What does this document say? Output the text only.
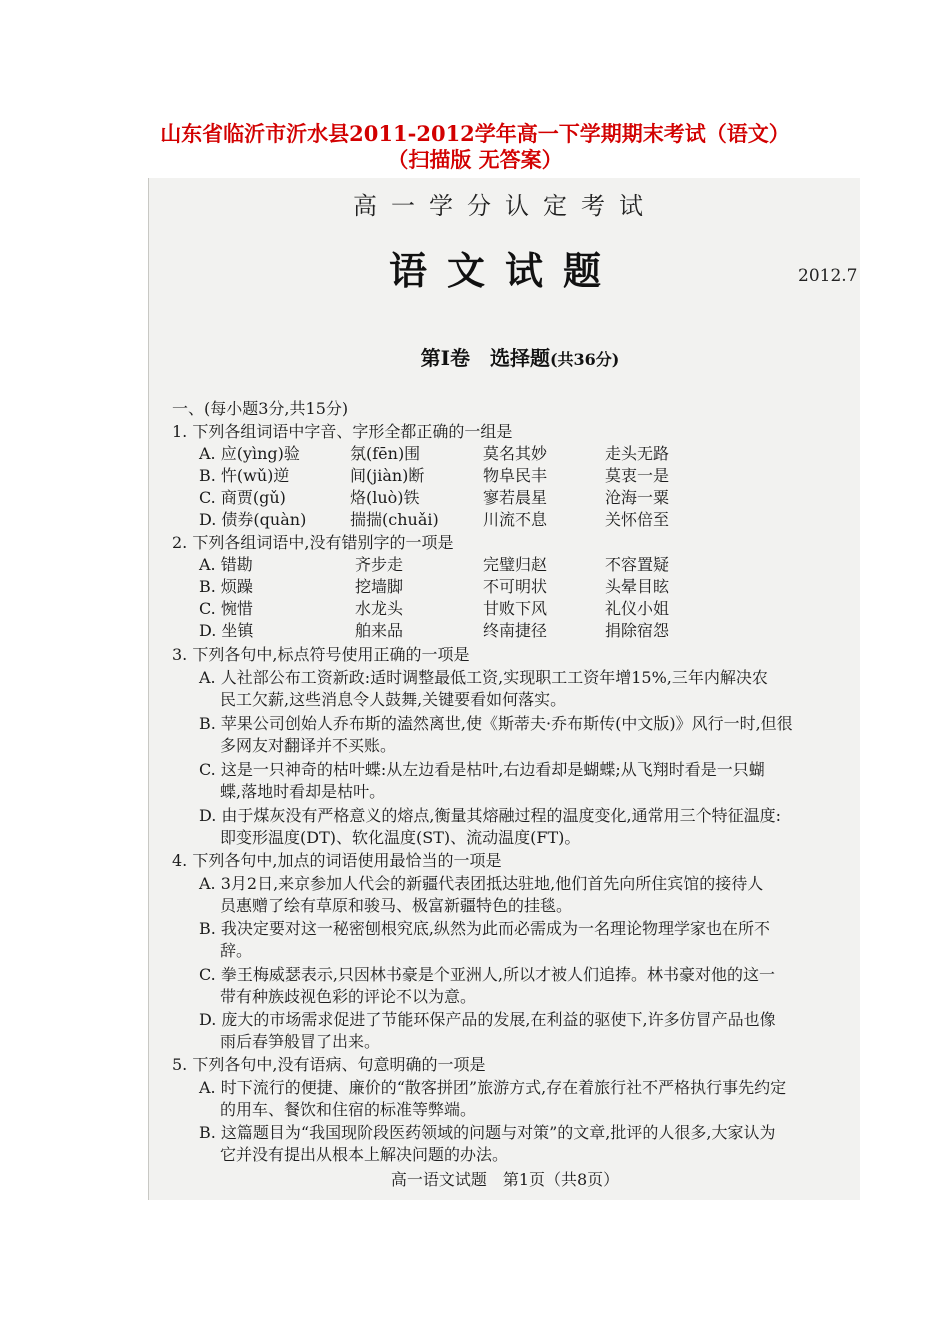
山东省临沂市沂水县2011-2012学年高一下学期期末考试（语文）
（扫描版 无答案）
高一学分认定考试
语文试题	2012.7
第Ⅰ卷　选择题(共36分)
一、(每小题3分,共15分)
1. 下列各组词语中字音、字形全都正确的一组是
A. 应(yìng)验	氛(fēn)围	莫名其妙	走头无路
B. 忤(wǔ)逆	间(jiàn)断	物阜民丰	莫衷一是
C. 商贾(gǔ)	烙(luò)铁	寥若晨星	沧海一粟
D. 债券(quàn)	揣揣(chuǎi)	川流不息	关怀倍至
2. 下列各组词语中,没有错别字的一项是
A. 错勘	齐步走	完璧归赵	不容置疑
B. 烦躁	挖墙脚	不可明状	头晕目眩
C. 惋惜	水龙头	甘败下风	礼仪小姐
D. 坐镇	舶来品	终南捷径	捐除宿怨
3. 下列各句中,标点符号使用正确的一项是
A. 人社部公布工资新政:适时调整最低工资,实现职工工资年增15%,三年内解决农
民工欠薪,这些消息令人鼓舞,关键要看如何落实。
B. 苹果公司创始人乔布斯的溘然离世,使《斯蒂夫·乔布斯传(中文版)》风行一时,但很
多网友对翻译并不买账。
C. 这是一只神奇的枯叶蝶:从左边看是枯叶,右边看却是蝴蝶;从飞翔时看是一只蝴
蝶,落地时看却是枯叶。
D. 由于煤灰没有严格意义的熔点,衡量其熔融过程的温度变化,通常用三个特征温度:
即变形温度(DT)、软化温度(ST)、流动温度(FT)。
4. 下列各句中,加点的词语使用最恰当的一项是
A. 3月2日,来京参加人代会的新疆代表团抵达驻地,他们首先向所住宾馆的接待人
员惠赠了绘有草原和骏马、极富新疆特色的挂毯。
B. 我决定要对这一秘密刨根究底,纵然为此而必需成为一名理论物理学家也在所不
辞。
C. 拳王梅威瑟表示,只因林书豪是个亚洲人,所以才被人们追捧。林书豪对他的这一
带有种族歧视色彩的评论不以为意。
D. 庞大的市场需求促进了节能环保产品的发展,在利益的驱使下,许多仿冒产品也像
雨后春笋般冒了出来。
5. 下列各句中,没有语病、句意明确的一项是
A. 时下流行的便捷、廉价的“散客拼团”旅游方式,存在着旅行社不严格执行事先约定
的用车、餐饮和住宿的标准等弊端。
B. 这篇题目为“我国现阶段医药领域的问题与对策”的文章,批评的人很多,大家认为
它并没有提出从根本上解决问题的办法。
高一语文试题　第1页（共8页）
